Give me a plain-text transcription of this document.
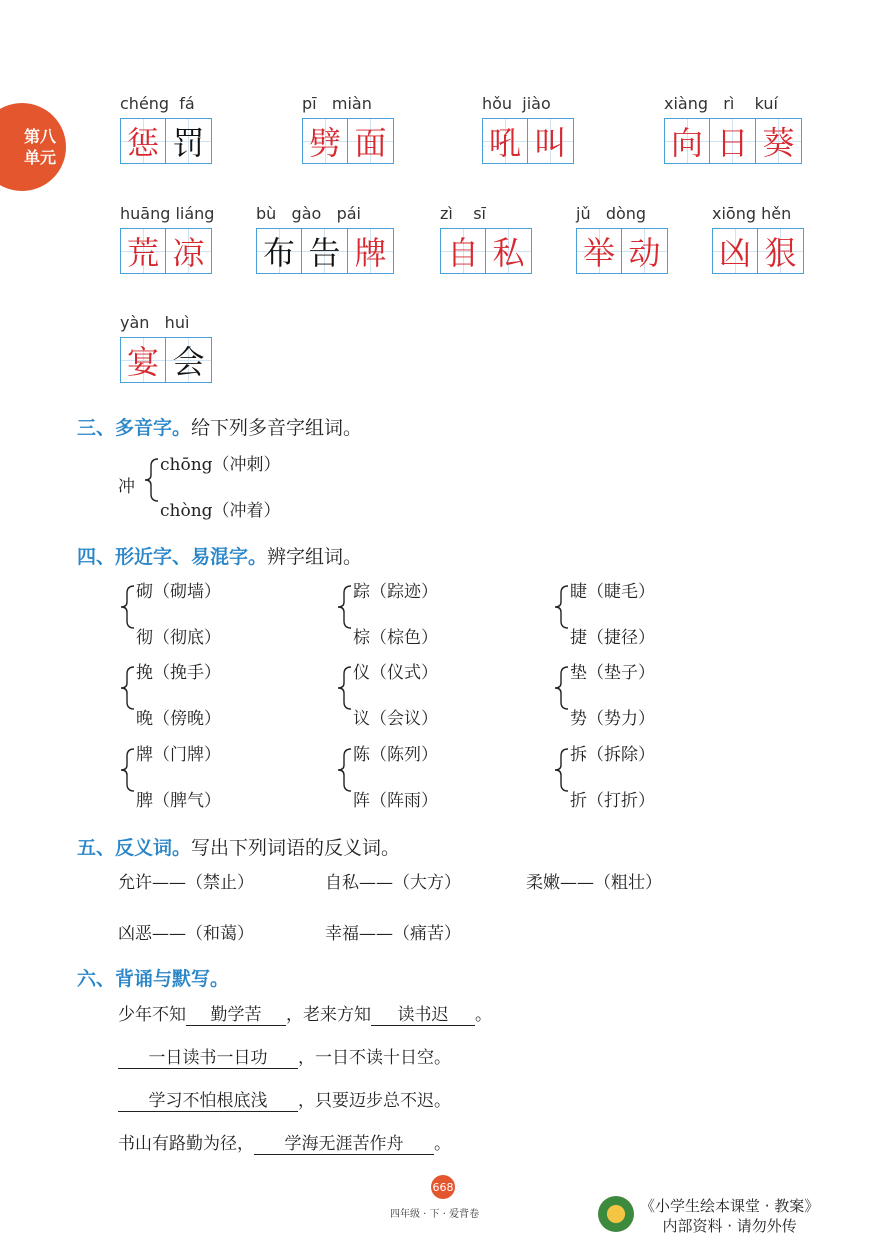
第八
单元
chéng  fá
惩 罚
pī   miàn
劈 面
hǒu  jiào
吼 叫
xiàng   rì    kuí
向 日 葵
huāng liáng
荒 凉
bù   gào   pái
布 告 牌
zì    sī
自 私
jǔ   dòng
举 动
xiōng hěn
凶 狠
yàn   huì
宴 会
三、多音字。给下列多音字组词。
冲
chōng（冲刺）
chòng（冲着）
四、形近字、易混字。辨字组词。
砌（砌墙）
彻（彻底）
踪（踪迹）
棕（棕色）
睫（睫毛）
捷（捷径）
挽（挽手）
晚（傍晚）
仪（仪式）
议（会议）
垫（垫子）
势（势力）
牌（门牌）
脾（脾气）
陈（陈列）
阵（阵雨）
拆（拆除）
折（打折）
五、反义词。写出下列词语的反义词。
允许——（禁止）	自私——（大方）	柔嫩——（粗壮）
凶恶——（和蔼）	幸福——（痛苦）
六、背诵与默写。
少年不知 勤学苦 ，老来方知 读书迟 。
一日读书一日功 ，一日不读十日空。
学习不怕根底浅 ，只要迈步总不迟。
书山有路勤为径， 学海无涯苦作舟 。
668
四年级 · 下 · 爱背卷	《小学生绘本课堂 · 教案》
内部资料 · 请勿外传
